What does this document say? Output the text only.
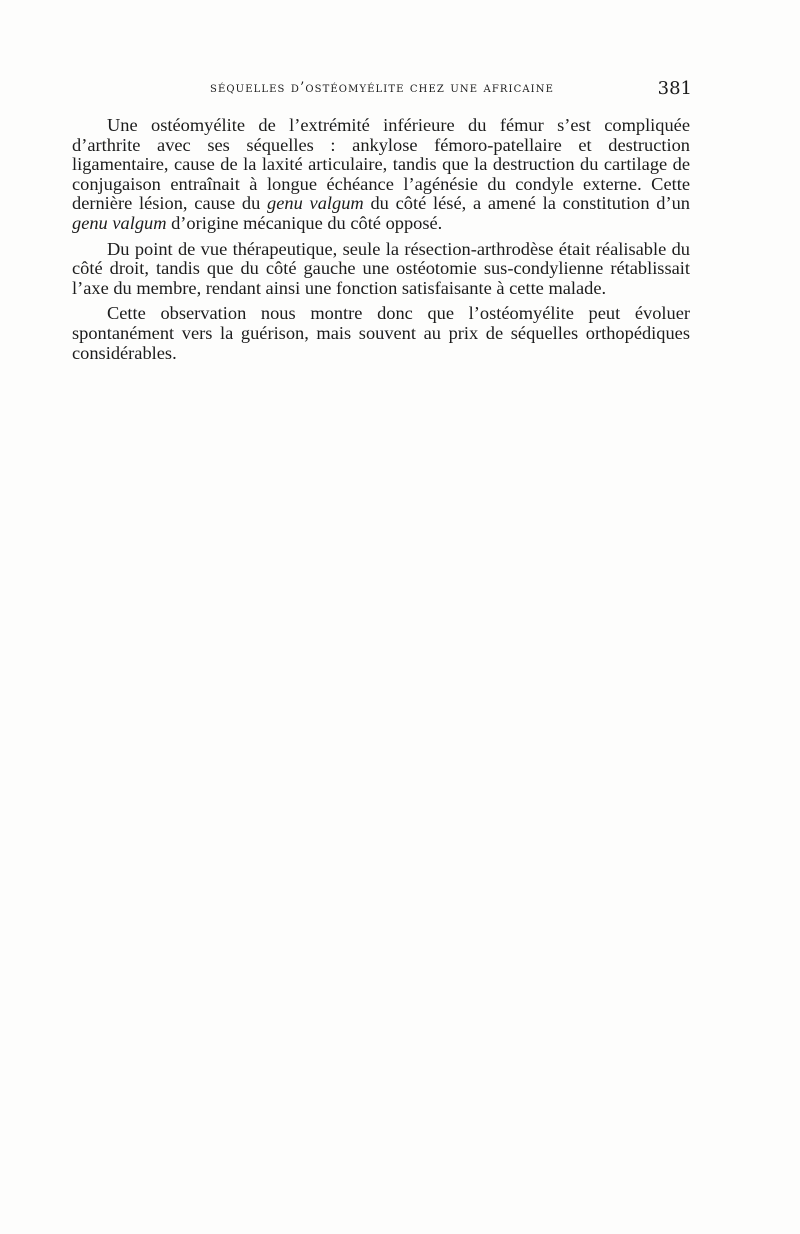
séquelles d’ostéomyélite chez une africaine	381

Une ostéomyélite de l’extrémité inférieure du fémur s’est compliquée d’arthrite avec ses séquelles : ankylose fémoro-patellaire et destruction ligamentaire, cause de la laxité articulaire, tandis que la destruction du cartilage de conjugaison entraînait à longue échéance l’agénésie du condyle externe. Cette dernière lésion, cause du genu valgum du côté lésé, a amené la constitution d’un genu valgum d’origine mécanique du côté opposé.

Du point de vue thérapeutique, seule la résection-arthrodèse était réalisable du côté droit, tandis que du côté gauche une ostéotomie sus-condylienne rétablissait l’axe du membre, rendant ainsi une fonction satisfaisante à cette malade.

Cette observation nous montre donc que l’ostéomyélite peut évoluer spontanément vers la guérison, mais souvent au prix de séquelles orthopédiques considérables.
